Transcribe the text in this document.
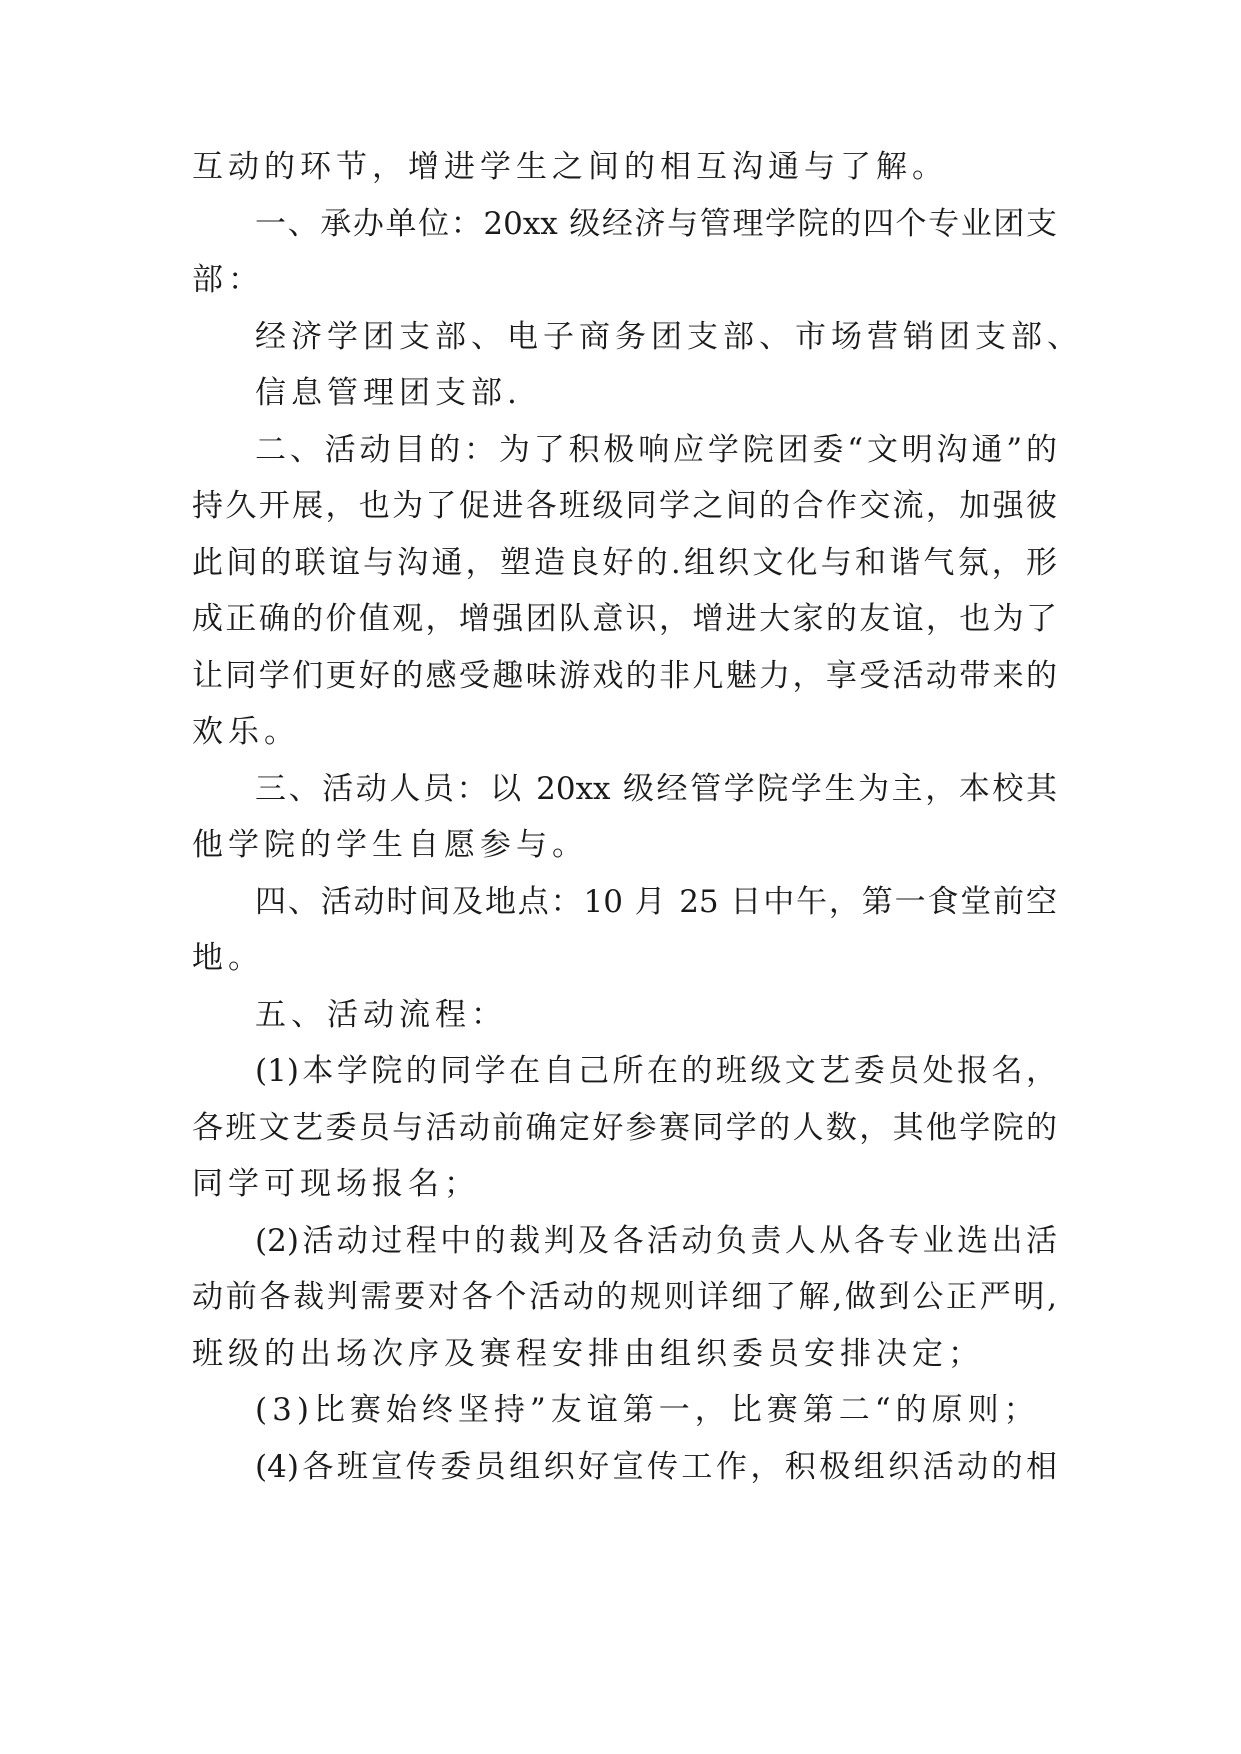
互动的环节，增进学生之间的相互沟通与了解。

一、承办单位：20xx 级经济与管理学院的四个专业团支

部：

经济学团支部、电子商务团支部、市场营销团支部、

信息管理团支部.

二、活动目的：为了积极响应学院团委“文明沟通”的

持久开展，也为了促进各班级同学之间的合作交流，加强彼

此间的联谊与沟通，塑造良好的.组织文化与和谐气氛，形

成正确的价值观，增强团队意识，增进大家的友谊，也为了

让同学们更好的感受趣味游戏的非凡魅力，享受活动带来的

欢乐。

三、活动人员：以 20xx 级经管学院学生为主，本校其

他学院的学生自愿参与。

四、活动时间及地点：10 月 25 日中午，第一食堂前空

地。

五、活动流程：

(1)本学院的同学在自己所在的班级文艺委员处报名，

各班文艺委员与活动前确定好参赛同学的人数，其他学院的

同学可现场报名；

(2)活动过程中的裁判及各活动负责人从各专业选出活

动前各裁判需要对各个活动的规则详细了解,做到公正严明,

班级的出场次序及赛程安排由组织委员安排决定；

(3)比赛始终坚持”友谊第一，比赛第二“的原则；

(4)各班宣传委员组织好宣传工作，积极组织活动的相
